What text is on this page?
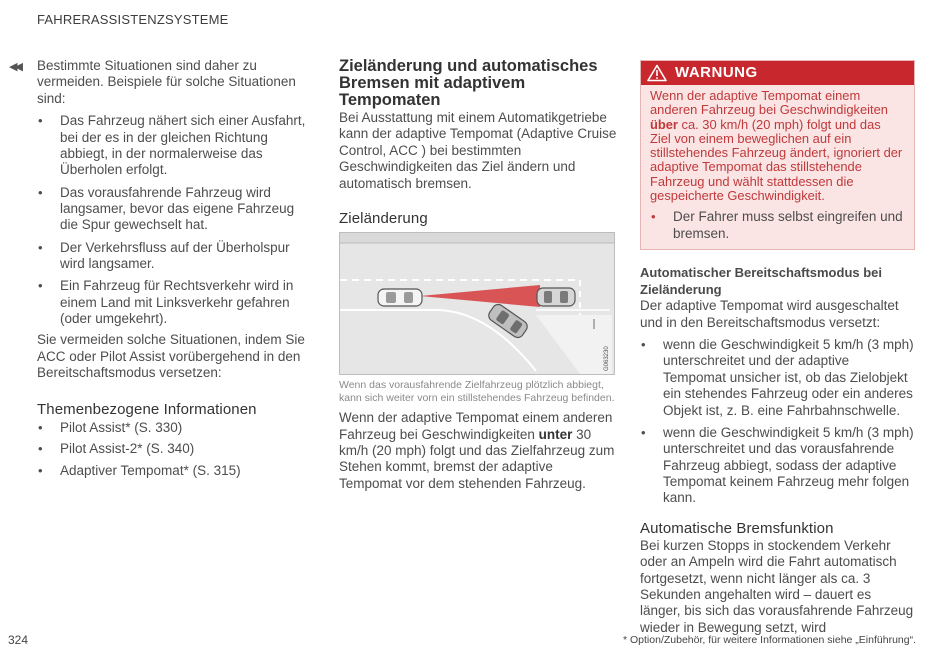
FAHRERASSISTENZSYSTEME
◀◀ Bestimmte Situationen sind daher zu vermeiden. Beispiele für solche Situationen sind:

• Das Fahrzeug nähert sich einer Ausfahrt, bei der es in der gleichen Richtung abbiegt, in der normalerweise das Überholen erfolgt.
• Das vorausfahrende Fahrzeug wird langsamer, bevor das eigene Fahrzeug die Spur gewechselt hat.
• Der Verkehrsfluss auf der Überholspur wird langsamer.
• Ein Fahrzeug für Rechtsverkehr wird in einem Land mit Linksverkehr gefahren (oder umgekehrt).

Sie vermeiden solche Situationen, indem Sie ACC oder Pilot Assist vorübergehend in den Bereitschaftsmodus versetzen:

Themenbezogene Informationen
• Pilot Assist* (S. 330)
• Pilot Assist-2* (S. 340)
• Adaptiver Tempomat* (S. 315)
Zieländerung und automatisches Bremsen mit adaptivem Tempomaten

Bei Ausstattung mit einem Automatikgetriebe kann der adaptive Tempomat (Adaptive Cruise Control, ACC ) bei bestimmten Geschwindigkeiten das Ziel ändern und automatisch bremsen.

Zieländerung
G063230

Wenn das vorausfahrende Zielfahrzeug plötzlich abbiegt, kann sich weiter vorn ein stillstehendes Fahrzeug befinden.

Wenn der adaptive Tempomat einem anderen Fahrzeug bei Geschwindigkeiten unter 30 km/h (20 mph) folgt und das Zielfahrzeug zum Stehen kommt, bremst der adaptive Tempomat vor dem stehenden Fahrzeug.

WARNUNG

Wenn der adaptive Tempomat einem anderen Fahrzeug bei Geschwindigkeiten über ca. 30 km/h (20 mph) folgt und das Ziel von einem beweglichen auf ein stillstehendes Fahrzeug ändert, ignoriert der adaptive Tempomat das stillstehende Fahrzeug und wählt stattdessen die gespeicherte Geschwindigkeit.

• Der Fahrer muss selbst eingreifen und bremsen.
Automatischer Bereitschaftsmodus bei Zieländerung

Der adaptive Tempomat wird ausgeschaltet und in den Bereitschaftsmodus versetzt:

• wenn die Geschwindigkeit 5 km/h (3 mph) unterschreitet und der adaptive Tempomat unsicher ist, ob das Zielobjekt ein stehendes Fahrzeug oder ein anderes Objekt ist, z. B. eine Fahrbahnschwelle.
• wenn die Geschwindigkeit 5 km/h (3 mph) unterschreitet und das vorausfahrende Fahrzeug abbiegt, sodass der adaptive Tempomat keinem Fahrzeug mehr folgen kann.
Automatische Bremsfunktion

Bei kurzen Stopps in stockendem Verkehr oder an Ampeln wird die Fahrt automatisch fortgesetzt, wenn nicht länger als ca. 3 Sekunden angehalten wird – dauert es länger, bis sich das vorausfahrende Fahrzeug wieder in Bewegung setzt, wird

324	* Option/Zubehör, für weitere Informationen siehe „Einführung“.
